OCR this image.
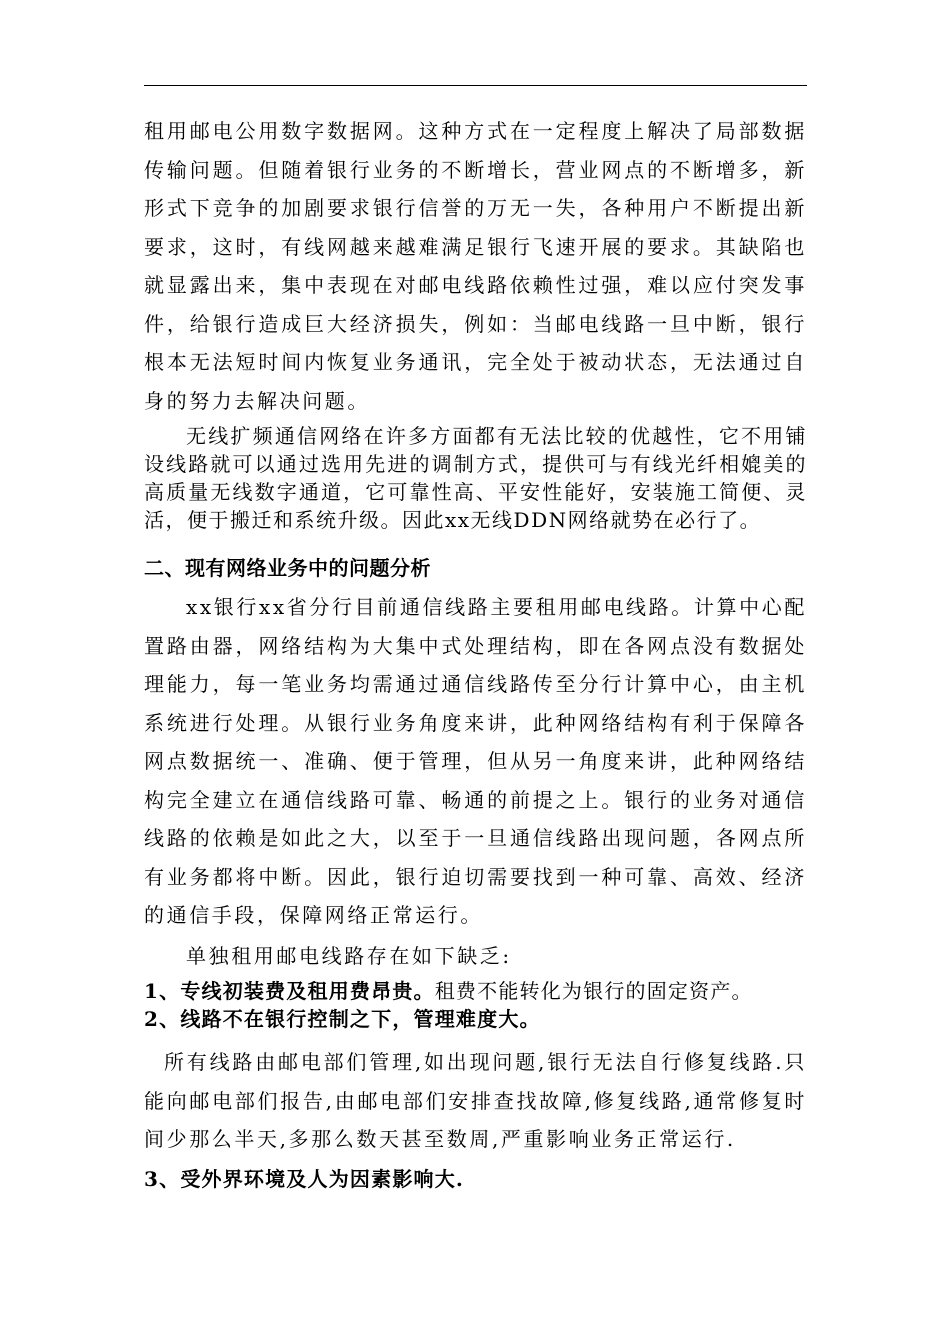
租用邮电公用数字数据网。这种方式在一定程度上解决了局部数据传输问题。但随着银行业务的不断增长，营业网点的不断增多，新形式下竞争的加剧要求银行信誉的万无一失，各种用户不断提出新要求，这时，有线网越来越难满足银行飞速开展的要求。其缺陷也就显露出来，集中表现在对邮电线路依赖性过强，难以应付突发事件，给银行造成巨大经济损失，例如：当邮电线路一旦中断，银行根本无法短时间内恢复业务通讯，完全处于被动状态，无法通过自身的努力去解决问题。

无线扩频通信网络在许多方面都有无法比较的优越性，它不用铺设线路就可以通过选用先进的调制方式，提供可与有线光纤相媲美的高质量无线数字通道，它可靠性高、平安性能好，安装施工简便、灵活，便于搬迁和系统升级。因此xx无线DDN网络就势在必行了。

二、现有网络业务中的问题分析

xx银行xx省分行目前通信线路主要租用邮电线路。计算中心配置路由器，网络结构为大集中式处理结构，即在各网点没有数据处理能力，每一笔业务均需通过通信线路传至分行计算中心，由主机系统进行处理。从银行业务角度来讲，此种网络结构有利于保障各网点数据统一、准确、便于管理，但从另一角度来讲，此种网络结构完全建立在通信线路可靠、畅通的前提之上。银行的业务对通信线路的依赖是如此之大，以至于一旦通信线路出现问题，各网点所有业务都将中断。因此，银行迫切需要找到一种可靠、高效、经济的通信手段，保障网络正常运行。

单独租用邮电线路存在如下缺乏:

1、专线初装费及租用费昂贵。租费不能转化为银行的固定资产。

2、线路不在银行控制之下，管理难度大。

所有线路由邮电部们管理,如出现问题,银行无法自行修复线路.只能向邮电部们报告,由邮电部们安排查找故障,修复线路,通常修复时间少那么半天,多那么数天甚至数周,严重影响业务正常运行.

3、受外界环境及人为因素影响大.
